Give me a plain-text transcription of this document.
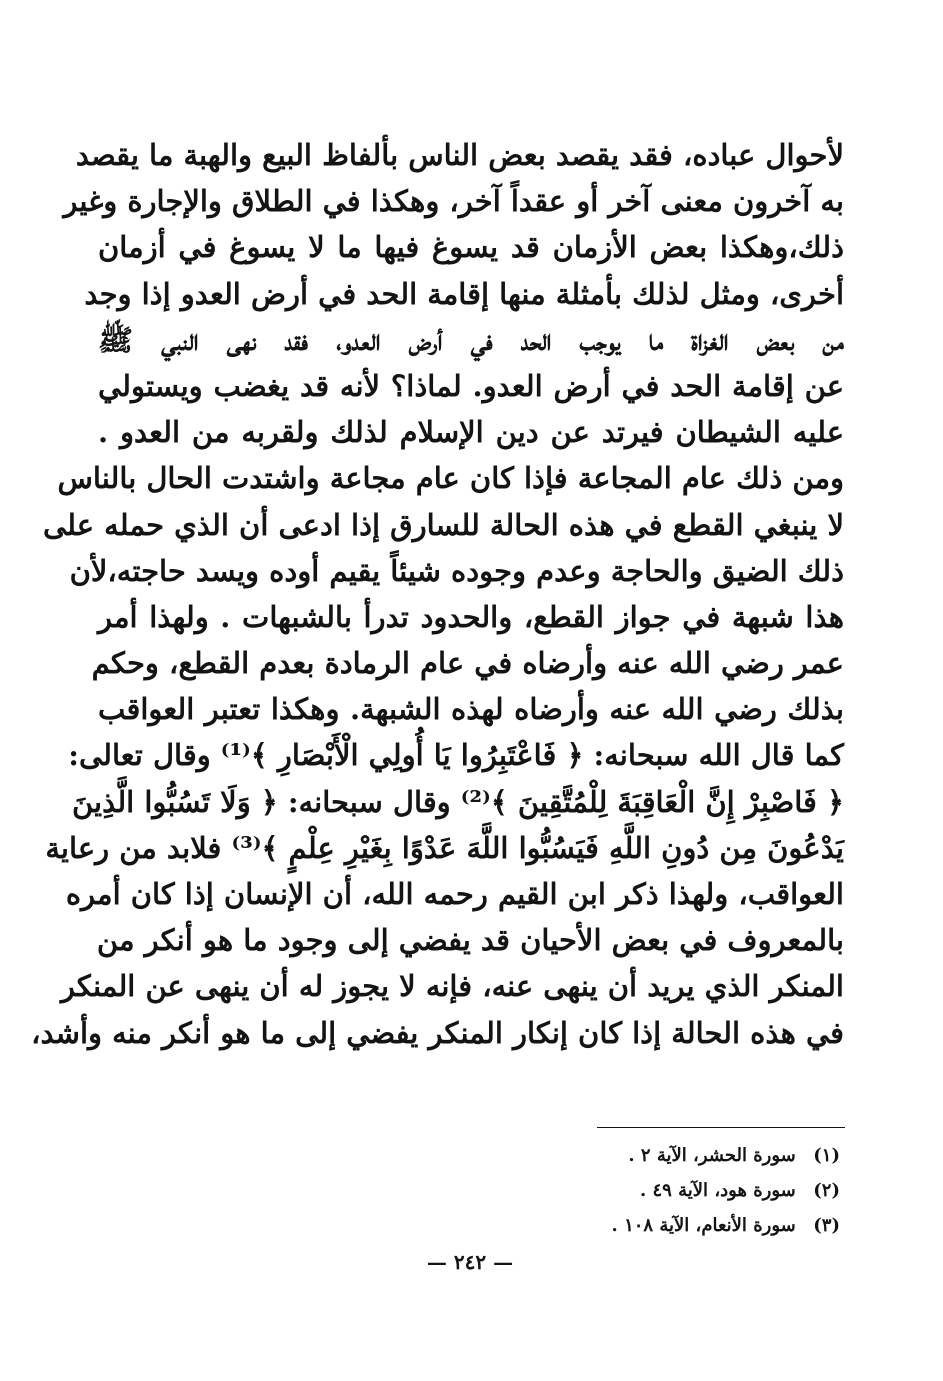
لأحوال عباده، فقد يقصد بعض الناس بألفاظ البيع والهبة ما يقصد
به آخرون معنى آخر أو عقداً آخر، وهكذا في الطلاق والإجارة وغير
ذلك،وهكذا بعض الأزمان قد يسوغ فيها ما لا يسوغ في أزمان
أخرى، ومثل لذلك بأمثلة منها إقامة الحد في أرض العدو إذا وجد
من بعض الغزاة ما يوجب الحد في أرض العدو، فقد نهى النبي ﷺ
عن إقامة الحد في أرض العدو. لماذا؟ لأنه قد يغضب ويستولي
عليه الشيطان فيرتد عن دين الإسلام لذلك ولقربه من العدو .
ومن ذلك عام المجاعة فإذا كان عام مجاعة واشتدت الحال بالناس
لا ينبغي القطع في هذه الحالة للسارق إذا ادعى أن الذي حمله على
ذلك الضيق والحاجة وعدم وجوده شيئاً يقيم أوده ويسد حاجته،لأن
هذا شبهة في جواز القطع، والحدود تدرأ بالشبهات . ولهذا أمر
عمر رضي الله عنه وأرضاه في عام الرمادة بعدم القطع، وحكم
بذلك رضي الله عنه وأرضاه لهذه الشبهة. وهكذا تعتبر العواقب
كما قال الله سبحانه: ﴿ فَاعْتَبِرُوا يَا أُولِي الْأَبْصَارِ ﴾⁽¹⁾ وقال تعالى:
﴿ فَاصْبِرْ إِنَّ الْعَاقِبَةَ لِلْمُتَّقِينَ ﴾⁽²⁾ وقال سبحانه: ﴿ وَلَا تَسُبُّوا الَّذِينَ
يَدْعُونَ مِن دُونِ اللَّهِ فَيَسُبُّوا اللَّهَ عَدْوًا بِغَيْرِ عِلْمٍ ﴾⁽³⁾ فلابد من رعاية
العواقب، ولهذا ذكر ابن القيم رحمه الله، أن الإنسان إذا كان أمره
بالمعروف في بعض الأحيان قد يفضي إلى وجود ما هو أنكر من
المنكر الذي يريد أن ينهى عنه، فإنه لا يجوز له أن ينهى عن المنكر
في هذه الحالة إذا كان إنكار المنكر يفضي إلى ما هو أنكر منه وأشد،
(١) سورة الحشر، الآية ٢ .
(٢) سورة هود، الآية ٤٩ .
(٣) سورة الأنعام، الآية ١٠٨ .
— ٢٤٢ —
